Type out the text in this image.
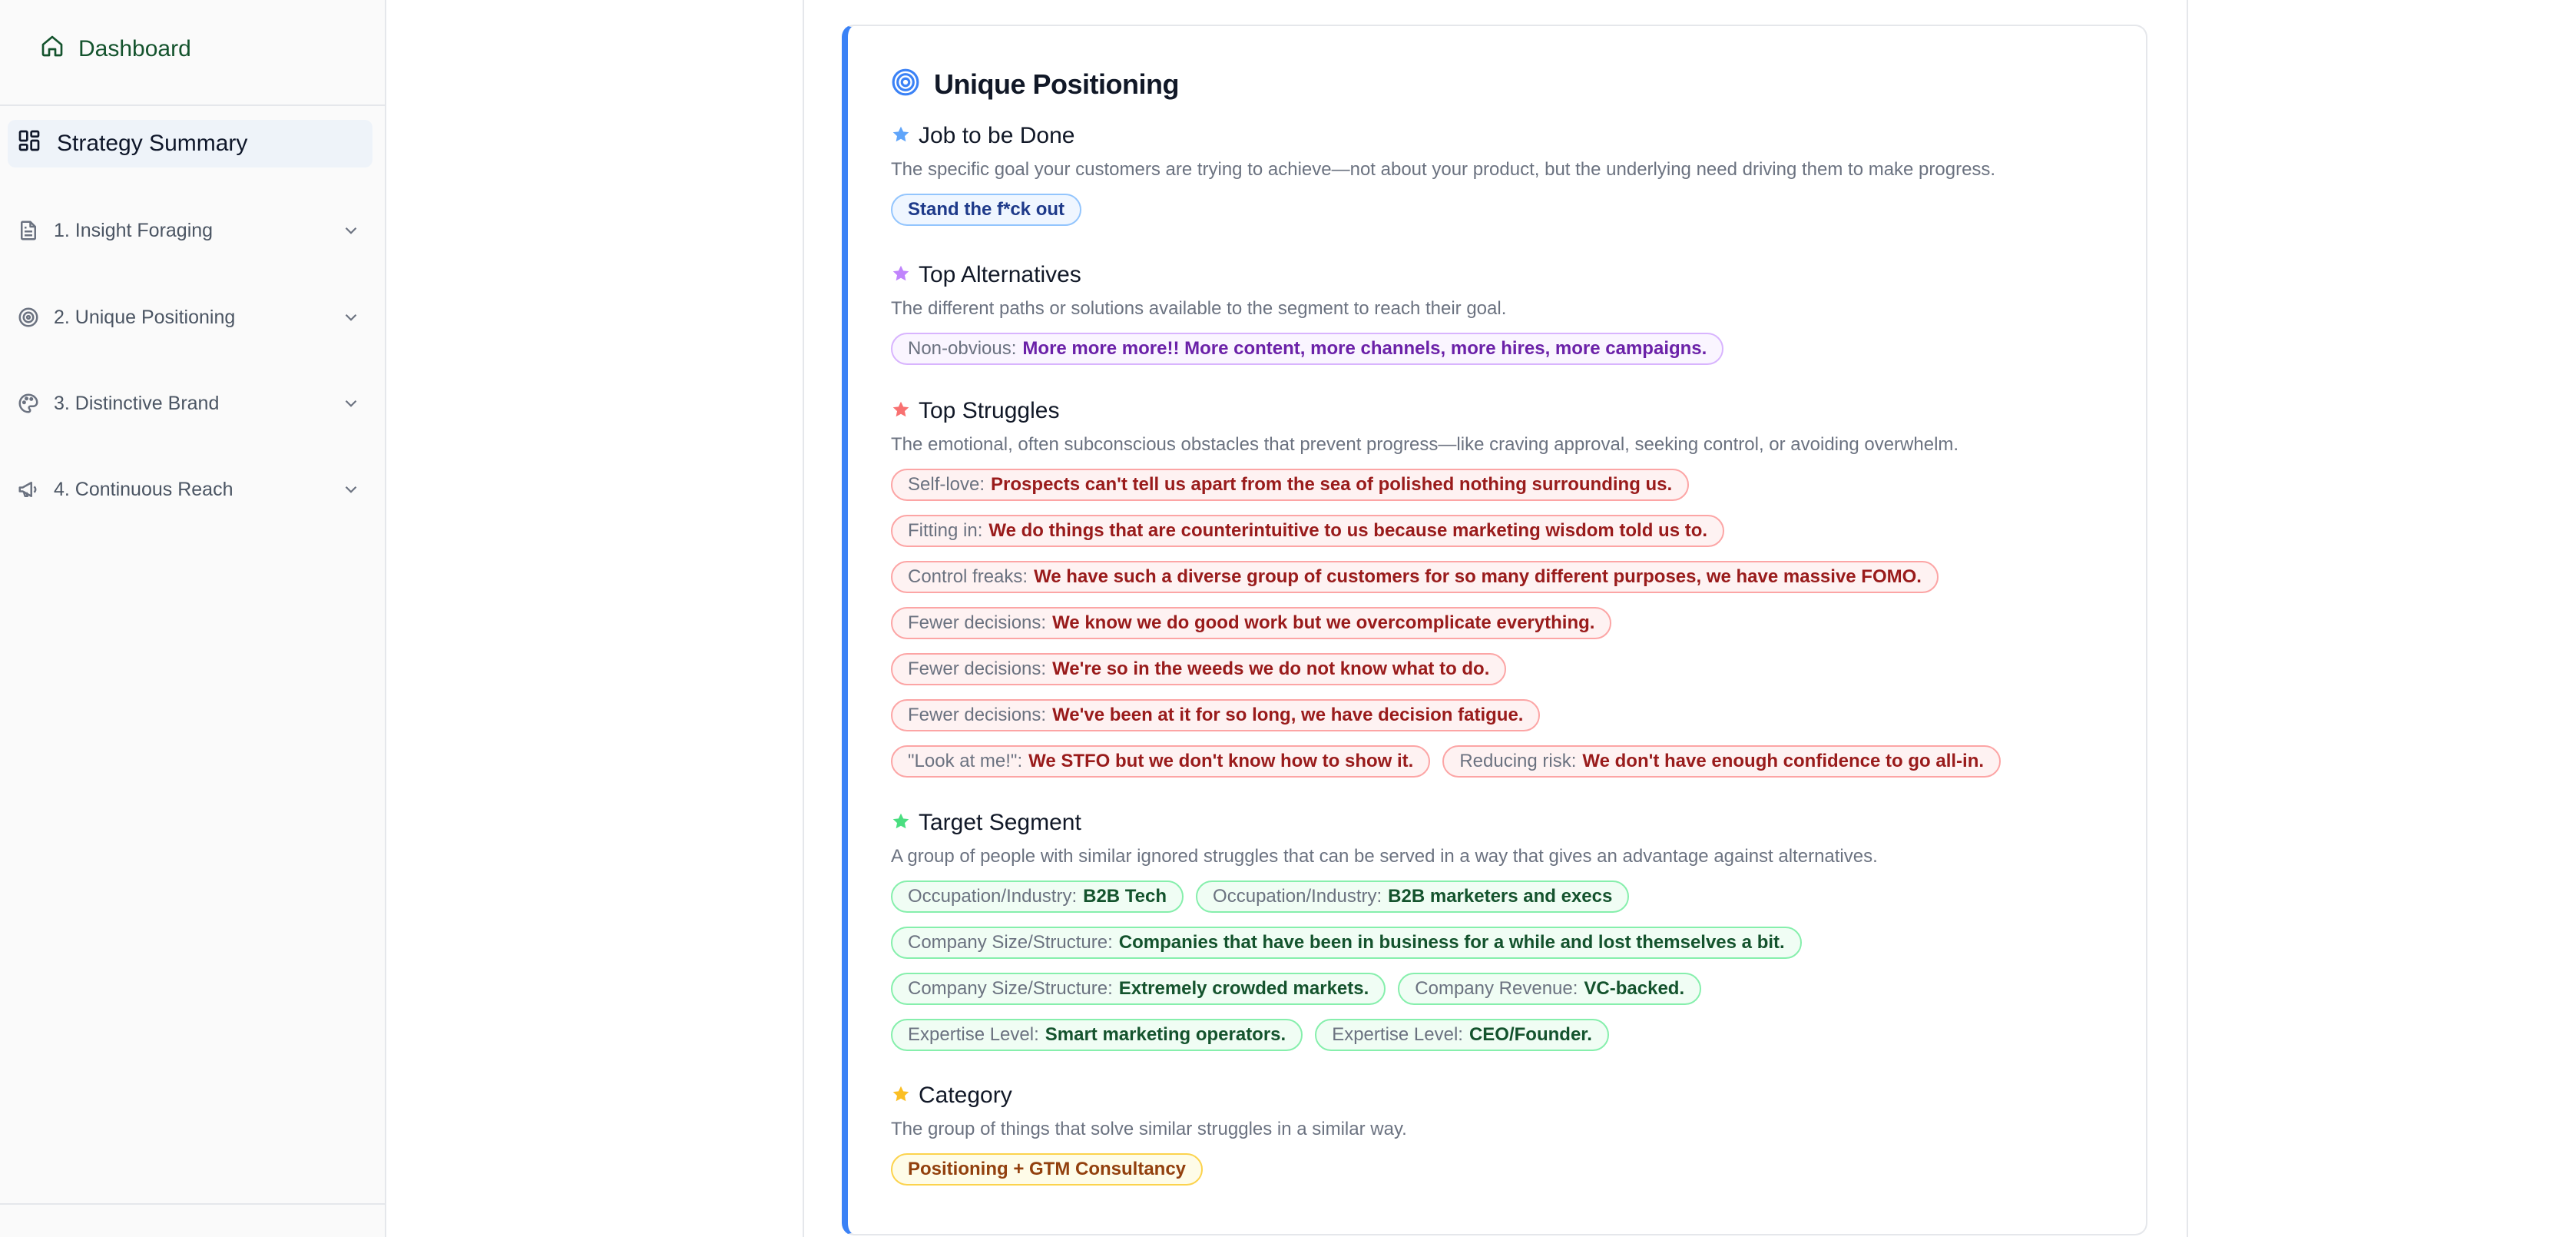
Dashboard
Strategy Summary
1. Insight Foraging
2. Unique Positioning
3. Distinctive Brand
4. Continuous Reach
Unique Positioning
Job to be Done

The specific goal your customers are trying to achieve—not about your product, but the underlying need driving them to make progress.

Stand the f*ck out
Top Alternatives

The different paths or solutions available to the segment to reach their goal.

Non-obvious: More more more!! More content, more channels, more hires, more campaigns.
Top Struggles

The emotional, often subconscious obstacles that prevent progress—like craving approval, seeking control, or avoiding overwhelm.

Self-love: Prospects can't tell us apart from the sea of polished nothing surrounding us.
Fitting in: We do things that are counterintuitive to us because marketing wisdom told us to.
Control freaks: We have such a diverse group of customers for so many different purposes, we have massive FOMO.
Fewer decisions: We know we do good work but we overcomplicate everything.
Fewer decisions: We're so in the weeds we do not know what to do.
Fewer decisions: We've been at it for so long, we have decision fatigue.
"Look at me!": We STFO but we don't know how to show it.	Reducing risk: We don't have enough confidence to go all-in.
Target Segment

A group of people with similar ignored struggles that can be served in a way that gives an advantage against alternatives.

Occupation/Industry: B2B Tech	Occupation/Industry: B2B marketers and execs
Company Size/Structure: Companies that have been in business for a while and lost themselves a bit.
Company Size/Structure: Extremely crowded markets.	Company Revenue: VC-backed.
Expertise Level: Smart marketing operators.	Expertise Level: CEO/Founder.
Category

The group of things that solve similar struggles in a similar way.

Positioning + GTM Consultancy
